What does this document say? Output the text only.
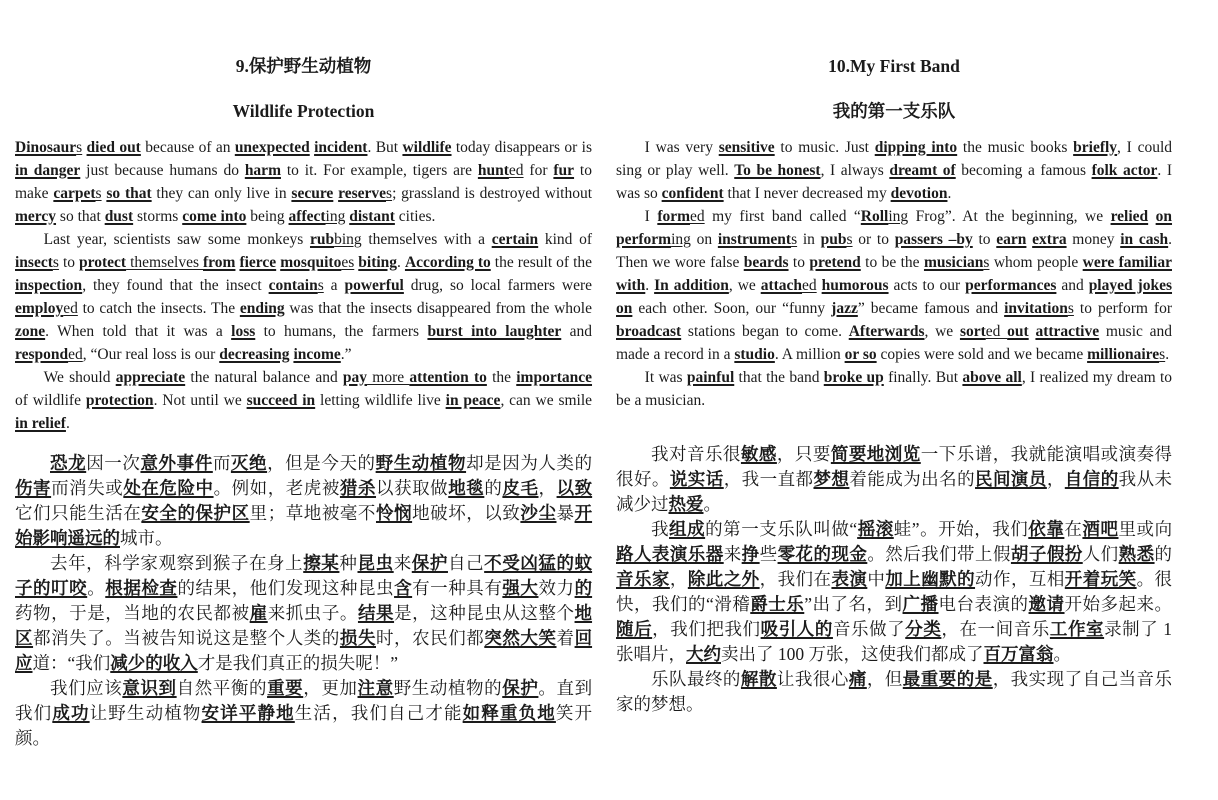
9.保护野生动植物
Wildlife Protection

Dinosaurs died out because of an unexpected incident. But wildlife today disappears or is in danger just because humans do harm to it. For example, tigers are hunted for fur to make carpets so that they can only live in secure reserves; grassland is destroyed without mercy so that dust storms come into being affecting distant cities.

Last year, scientists saw some monkeys rubbing themselves with a certain kind of insects to protect themselves from fierce mosquitoes biting. According to the result of the inspection, they found that the insect contains a powerful drug, so local farmers were employed to catch the insects. The ending was that the insects disappeared from the whole zone. When told that it was a loss to humans, the farmers burst into laughter and responded, “Our real loss is our decreasing income.”

We should appreciate the natural balance and pay more attention to the importance of wildlife protection. Not until we succeed in letting wildlife live in peace, can we smile in relief.

恐龙因一次意外事件而灭绝，但是今天的野生动植物却是因为人类的伤害而消失或处在危险中。例如，老虎被猎杀以获取做地毯的皮毛，以致它们只能生活在安全的保护区里；草地被毫不怜悯地破坏，以致沙尘暴开始影响遥远的城市。

去年，科学家观察到猴子在身上擦某种昆虫来保护自己不受凶猛的蚊子的叮咬。根据检查的结果，他们发现这种昆虫含有一种具有强大效力的药物，于是，当地的农民都被雇来抓虫子。结果是，这种昆虫从这整个地区都消失了。当被告知说这是整个人类的损失时，农民们都突然大笑着回应道：“我们减少的收入才是我们真正的损失呢！”

我们应该意识到自然平衡的重要，更加注意野生动植物的保护。直到我们成功让野生动植物安详平静地生活，我们自己才能如释重负地笑开颜。

10.My First Band
我的第一支乐队

I was very sensitive to music. Just dipping into the music books briefly, I could sing or play well. To be honest, I always dreamt of becoming a famous folk actor. I was so confident that I never decreased my devotion.

I formed my first band called “Rolling Frog”. At the beginning, we relied on performing on instruments in pubs or to passers –by to earn extra money in cash. Then we wore false beards to pretend to be the musicians whom people were familiar with. In addition, we attached humorous acts to our performances and played jokes on each other. Soon, our “funny jazz” became famous and invitations to perform for broadcast stations began to come. Afterwards, we sorted out attractive music and made a record in a studio. A million or so copies were sold and we became millionaires.

It was painful that the band broke up finally. But above all, I realized my dream to be a musician.

我对音乐很敏感，只要简要地浏览一下乐谱，我就能演唱或演奏得很好。说实话，我一直都梦想着能成为出名的民间演员，自信的我从未减少过热爱。

我组成的第一支乐队叫做“摇滚蛙”。开始，我们依靠在酒吧里或向路人表演乐器来挣些零花的现金。然后我们带上假胡子假扮人们熟悉的音乐家，除此之外，我们在表演中加上幽默的动作，互相开着玩笑。很快，我们的“滑稽爵士乐”出了名，到广播电台表演的邀请开始多起来。随后，我们把我们吸引人的音乐做了分类，在一间音乐工作室录制了 1 张唱片，大约卖出了 100 万张，这使我们都成了百万富翁。

乐队最终的解散让我很心痛，但最重要的是，我实现了自己当音乐家的梦想。
